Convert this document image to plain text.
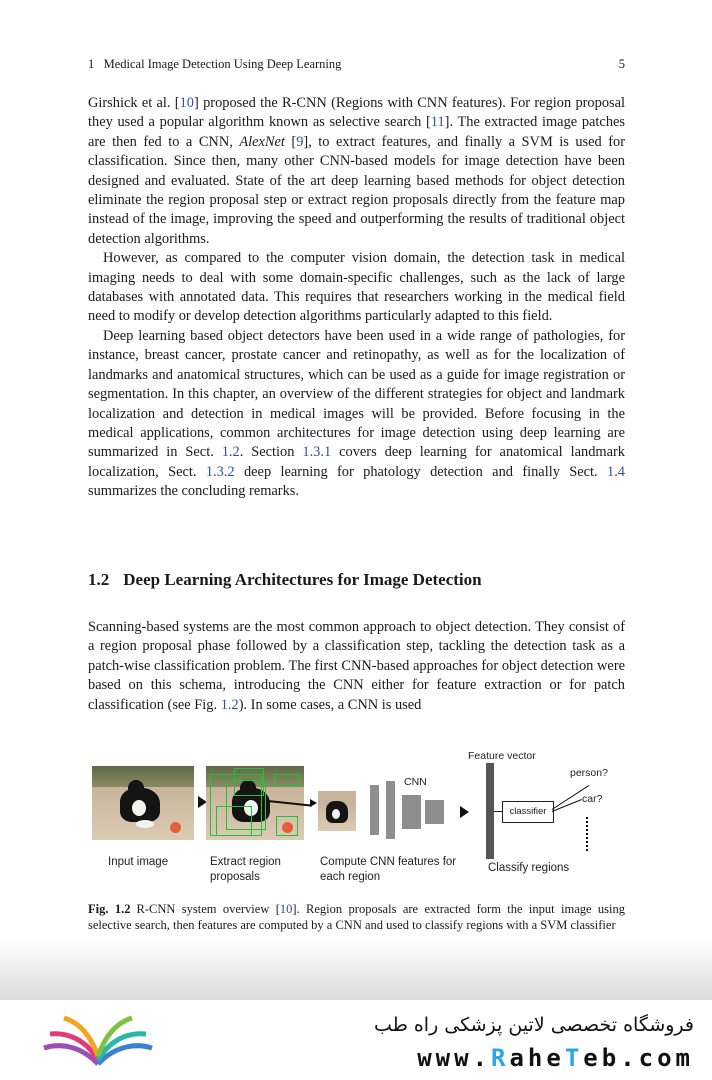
1   Medical Image Detection Using Deep Learning	5

Girshick et al. [10] proposed the R-CNN (Regions with CNN features). For region proposal they used a popular algorithm known as selective search [11]. The extracted image patches are then fed to a CNN, AlexNet [9], to extract features, and finally a SVM is used for classification. Since then, many other CNN-based models for image detection have been designed and evaluated. State of the art deep learning based methods for object detection eliminate the region proposal step or extract region proposals directly from the feature map instead of the image, improving the speed and outperforming the results of traditional object detection algorithms.

However, as compared to the computer vision domain, the detection task in medical imaging needs to deal with some domain-specific challenges, such as the lack of large databases with annotated data. This requires that researchers working in the medical field need to modify or develop detection algorithms particularly adapted to this field.

Deep learning based object detectors have been used in a wide range of pathologies, for instance, breast cancer, prostate cancer and retinopathy, as well as for the localization of landmarks and anatomical structures, which can be used as a guide for image registration or segmentation. In this chapter, an overview of the different strategies for object and landmark localization and detection in medical images will be provided. Before focusing in the medical applications, common architectures for image detection using deep learning are summarized in Sect. 1.2. Section 1.3.1 covers deep learning for anatomical landmark localization, Sect. 1.3.2 deep learning for phatology detection and finally Sect. 1.4 summarizes the concluding remarks.

1.2 Deep Learning Architectures for Image Detection

Scanning-based systems are the most common approach to object detection. They consist of a region proposal phase followed by a classification step, tackling the detection task as a patch-wise classification problem. The first CNN-based approaches for object detection were based on this schema, introducing the CNN either for feature extraction or for patch classification (see Fig. 1.2). In some cases, a CNN is used

CNN
Feature vector
classifier
person?
car?
Input image	Extract region proposals
Compute CNN features for each region
Classify regions
Fig. 1.2 R-CNN system overview [10]. Region proposals are extracted form the input image using selective search, then features are computed by a CNN and used to classify regions with a SVM classifier
فروشگاه تخصصی لاتین پزشکی راه طب
www.RaheTeb.com
